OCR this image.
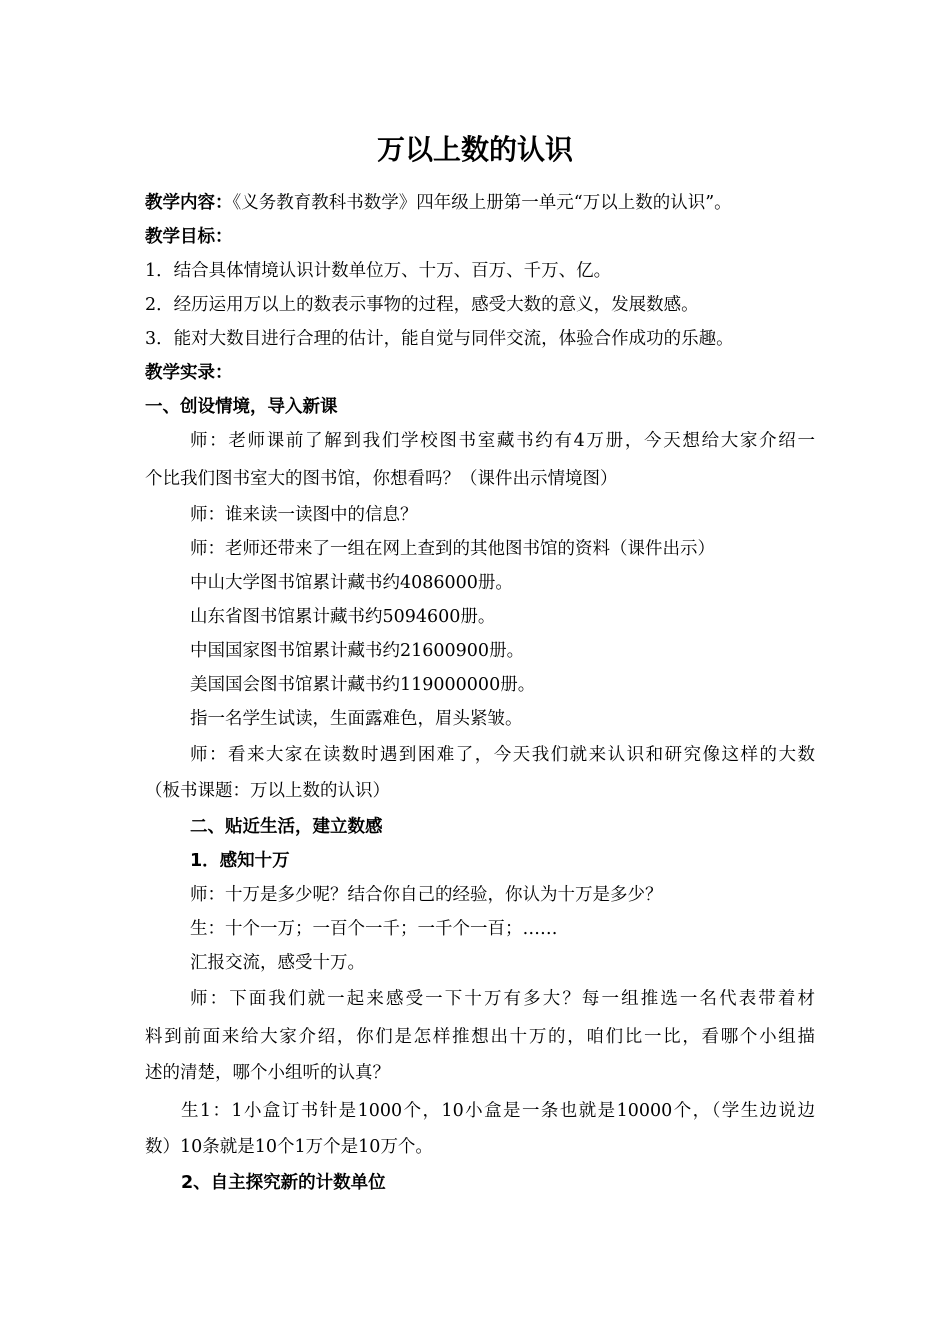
万以上数的认识
教学内容：《义务教育教科书数学》四年级上册第一单元“万以上数的认识”。
教学目标：
1．结合具体情境认识计数单位万、十万、百万、千万、亿。
2．经历运用万以上的数表示事物的过程，感受大数的意义，发展数感。
3．能对大数目进行合理的估计，能自觉与同伴交流，体验合作成功的乐趣。
教学实录：
一、创设情境，导入新课
师：老师课前了解到我们学校图书室藏书约有4万册，今天想给大家介绍一
个比我们图书室大的图书馆，你想看吗？（课件出示情境图）
师：谁来读一读图中的信息？
师：老师还带来了一组在网上查到的其他图书馆的资料（课件出示）
中山大学图书馆累计藏书约4086000册。
山东省图书馆累计藏书约5094600册。
中国国家图书馆累计藏书约21600900册。
美国国会图书馆累计藏书约119000000册。
指一名学生试读，生面露难色，眉头紧皱。
师：看来大家在读数时遇到困难了，今天我们就来认识和研究像这样的大数
（板书课题：万以上数的认识）
二、贴近生活，建立数感
1．感知十万
师：十万是多少呢？结合你自己的经验，你认为十万是多少？
生：十个一万；一百个一千；一千个一百；……
汇报交流，感受十万。
师：下面我们就一起来感受一下十万有多大？每一组推选一名代表带着材
料到前面来给大家介绍，你们是怎样推想出十万的，咱们比一比，看哪个小组描
述的清楚，哪个小组听的认真？
生1：1小盒订书针是1000个，10小盒是一条也就是10000个，（学生边说边
数）10条就是10个1万个是10万个。
2、自主探究新的计数单位
